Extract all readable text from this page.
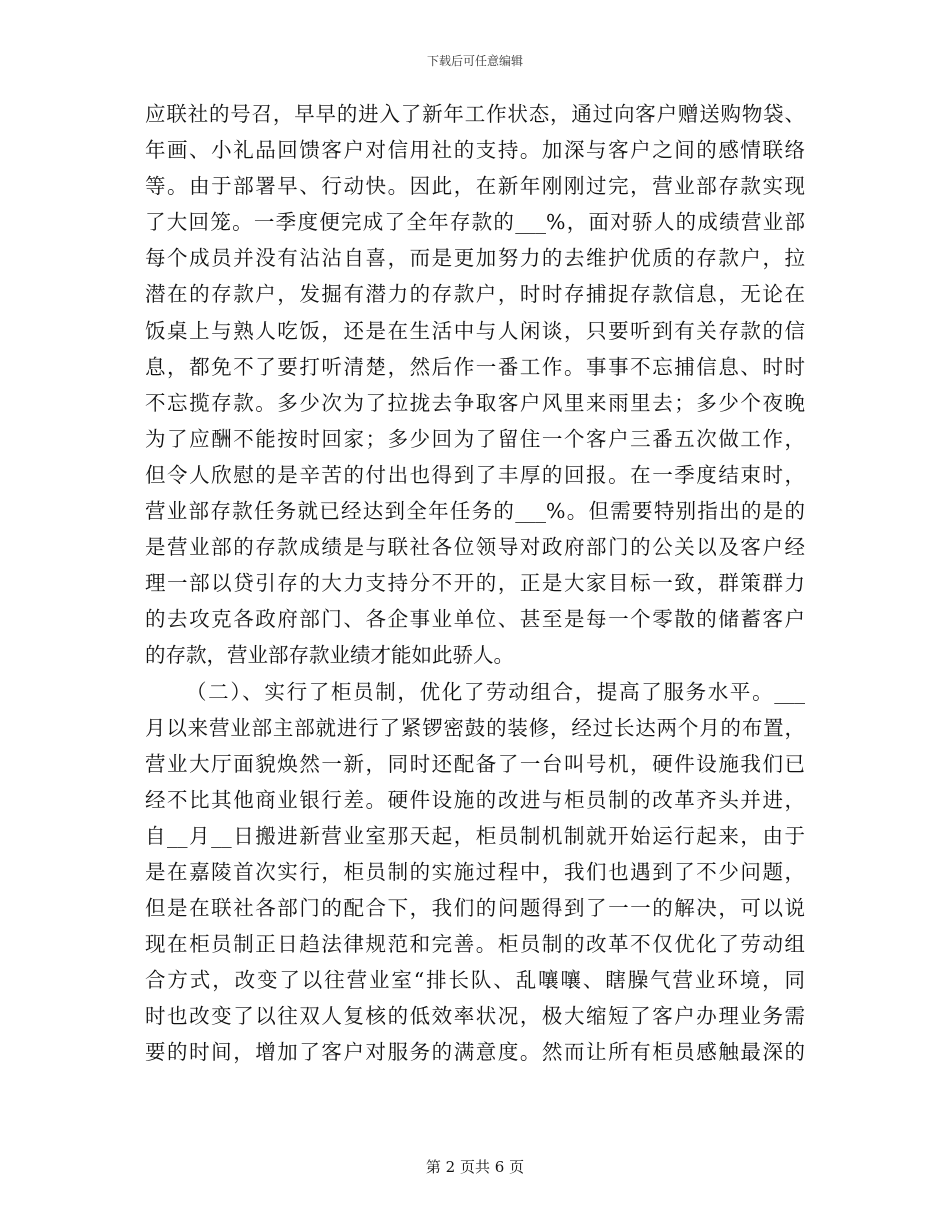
下载后可任意编辑
应联社的号召，早早的进入了新年工作状态，通过向客户赠送购物袋、
年画、小礼品回馈客户对信用社的支持。加深与客户之间的感情联络
等。由于部署早、行动快。因此，在新年刚刚过完，营业部存款实现
了大回笼。一季度便完成了全年存款的___%，面对骄人的成绩营业部
每个成员并没有沾沾自喜，而是更加努力的去维护优质的存款户，拉
潜在的存款户，发掘有潜力的存款户，时时存捕捉存款信息，无论在
饭桌上与熟人吃饭，还是在生活中与人闲谈，只要听到有关存款的信
息，都免不了要打听清楚，然后作一番工作。事事不忘捕信息、时时
不忘揽存款。多少次为了拉拢去争取客户风里来雨里去；多少个夜晚
为了应酬不能按时回家；多少回为了留住一个客户三番五次做工作，
但令人欣慰的是辛苦的付出也得到了丰厚的回报。在一季度结束时，
营业部存款任务就已经达到全年任务的___%。但需要特别指出的是的
是营业部的存款成绩是与联社各位领导对政府部门的公关以及客户经
理一部以贷引存的大力支持分不开的，正是大家目标一致，群策群力
的去攻克各政府部门、各企事业单位、甚至是每一个零散的储蓄客户
的存款，营业部存款业绩才能如此骄人。
（二）、实行了柜员制，优化了劳动组合，提高了服务水平。___
月以来营业部主部就进行了紧锣密鼓的装修，经过长达两个月的布置，
营业大厅面貌焕然一新，同时还配备了一台叫号机，硬件设施我们已
经不比其他商业银行差。硬件设施的改进与柜员制的改革齐头并进，
自__月__日搬进新营业室那天起，柜员制机制就开始运行起来，由于
是在嘉陵首次实行，柜员制的实施过程中，我们也遇到了不少问题，
但是在联社各部门的配合下，我们的问题得到了一一的解决，可以说
现在柜员制正日趋法律规范和完善。柜员制的改革不仅优化了劳动组
合方式，改变了以往营业室“排长队、乱嚷嚷、瞎臊气营业环境，同
时也改变了以往双人复核的低效率状况，极大缩短了客户办理业务需
要的时间，增加了客户对服务的满意度。然而让所有柜员感触最深的
第 2 页共 6 页
